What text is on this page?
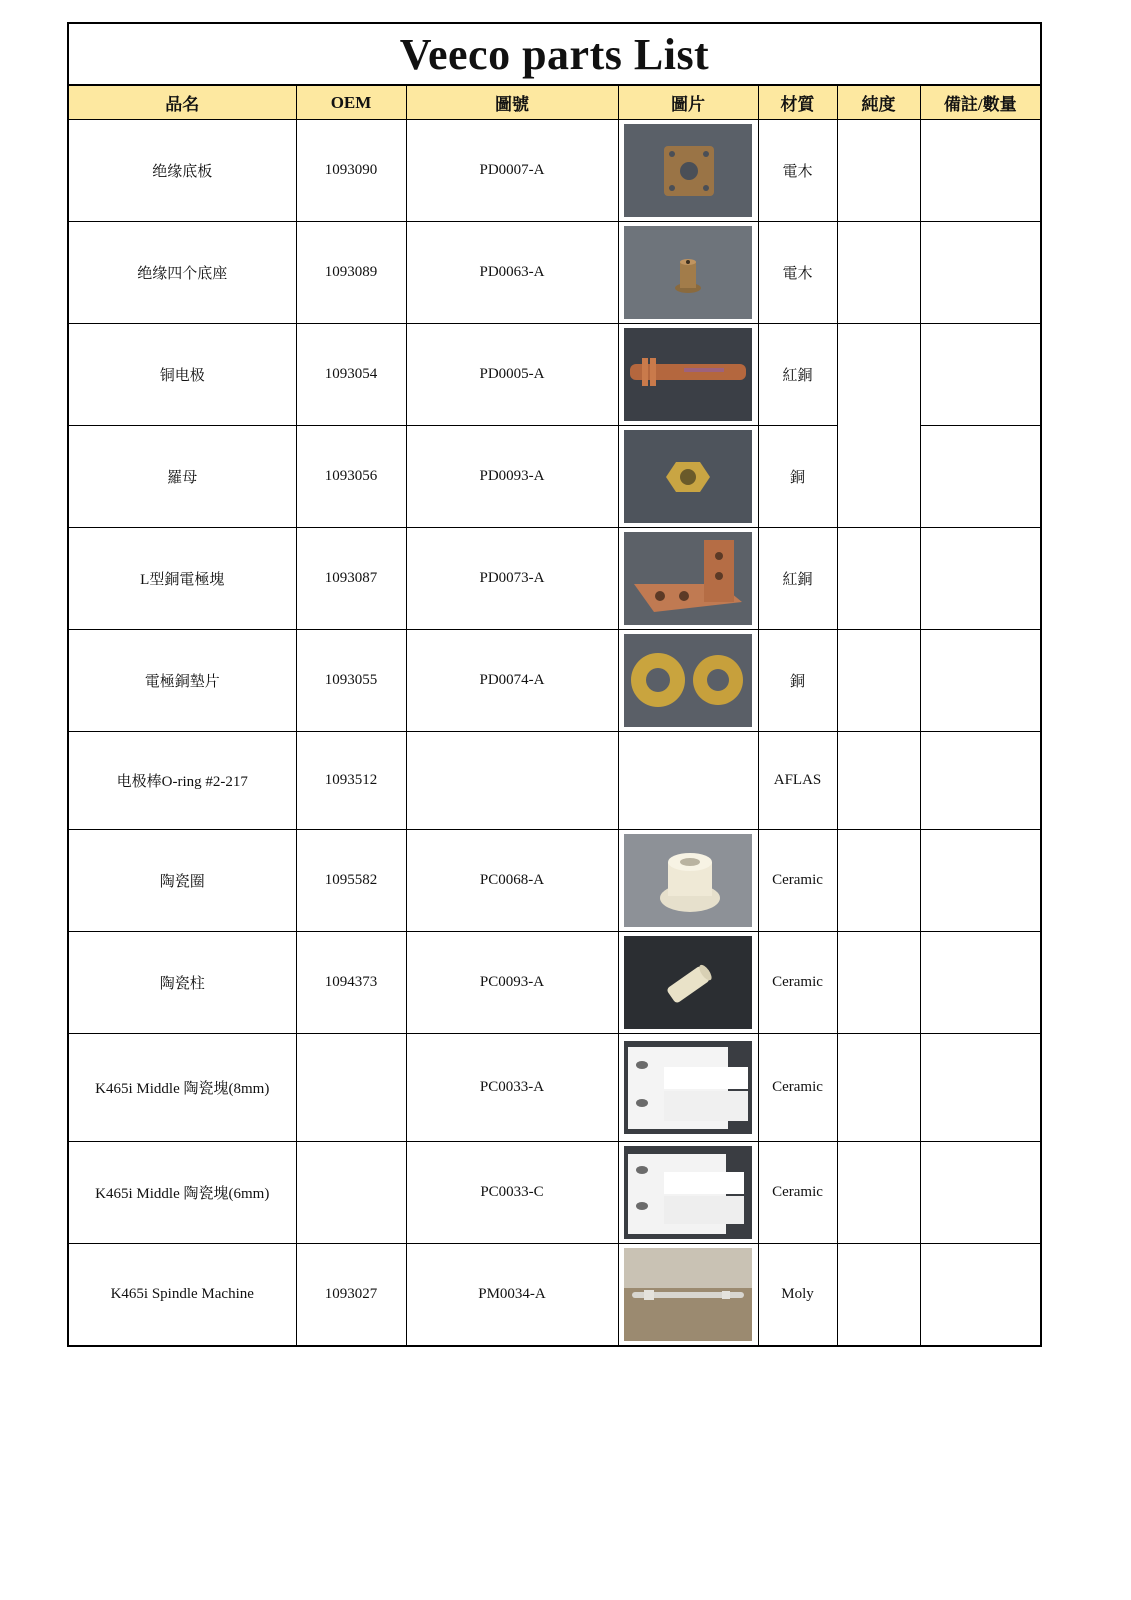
Veeco parts List
品名	OEM	圖號	圖片	材質	純度	備註/數量
绝缘底板	1093090	PD0007-A		電木		
绝缘四个底座	1093089	PD0063-A		電木		
铜电极	1093054	PD0005-A		紅銅		
羅母	1093056	PD0093-A		銅		
L型銅電極塊	1093087	PD0073-A		紅銅		
電極銅墊片	1093055	PD0074-A		銅		
电极棒O-ring #2-217	1093512			AFLAS		
陶瓷圈	1095582	PC0068-A		Ceramic		
陶瓷柱	1094373	PC0093-A		Ceramic		
K465i Middle 陶瓷塊(8mm)		PC0033-A		Ceramic		
K465i Middle 陶瓷塊(6mm)		PC0033-C		Ceramic		
K465i Spindle Machine	1093027	PM0034-A		Moly		
